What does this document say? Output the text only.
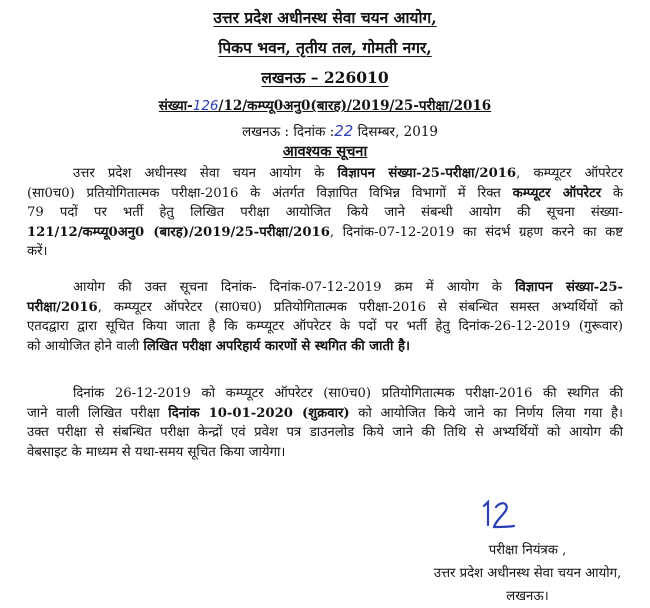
उत्तर प्रदेश अधीनस्थ सेवा चयन आयोग,
पिकप भवन, तृतीय तल, गोमती नगर,
लखनऊ – 226010
संख्या-126/12/कम्प्यू0अनु0(बारह)/2019/25-परीक्षा/2016
लखनऊ : दिनांक :22 दिसम्बर, 2019
आवश्यक सूचना
उत्तर प्रदेश अधीनस्थ सेवा चयन आयोग के विज्ञापन संख्या-25-परीक्षा/2016, कम्प्यूटर ऑपरेटर
(सा0च0) प्रतियोगितात्मक परीक्षा-2016 के अंतर्गत विज्ञापित विभिन्न विभागों में रिक्त कम्प्यूटर ऑपरेटर के
79 पदों पर भर्ती हेतु लिखित परीक्षा आयोजित किये जाने संबन्धी आयोग की सूचना संख्या-
121/12/कम्प्यू0अनु0 (बारह)/2019/25-परीक्षा/2016, दिनांक-07-12-2019 का संदर्भ ग्रहण करने का कष्ट
करें।
आयोग की उक्त सूचना दिनांक- दिनांक-07-12-2019 क्रम में आयोग के विज्ञापन संख्या-25-
परीक्षा/2016, कम्प्यूटर ऑपरेटर (सा0च0) प्रतियोगितात्मक परीक्षा-2016 से संबन्धित समस्त अभ्यर्थियों को
एतदद्वारा द्वारा सूचित किया जाता है कि कम्प्यूटर ऑपरेटर के पदों पर भर्ती हेतु दिनांक-26-12-2019 (गुरूवार)
को आयोजित होने वाली लिखित परीक्षा अपरिहार्य कारणों से स्थगित की जाती है।
दिनांक 26-12-2019 को कम्प्यूटर ऑपरेटर (सा0च0) प्रतियोगितात्मक परीक्षा-2016 की स्थगित की
जाने वाली लिखित परीक्षा दिनांक 10-01-2020 (शुक्रवार) को आयोजित किये जाने का निर्णय लिया गया है।
उक्त परीक्षा से संबन्धित परीक्षा केन्द्रों एवं प्रवेश पत्र डाउनलोड किये जाने की तिथि से अभ्यर्थियों को आयोग की
वेबसाइट के माध्यम से यथा-समय सूचित किया जायेगा।
परीक्षा नियंत्रक ,
उत्तर प्रदेश अधीनस्थ सेवा चयन आयोग,
लखनऊ।
